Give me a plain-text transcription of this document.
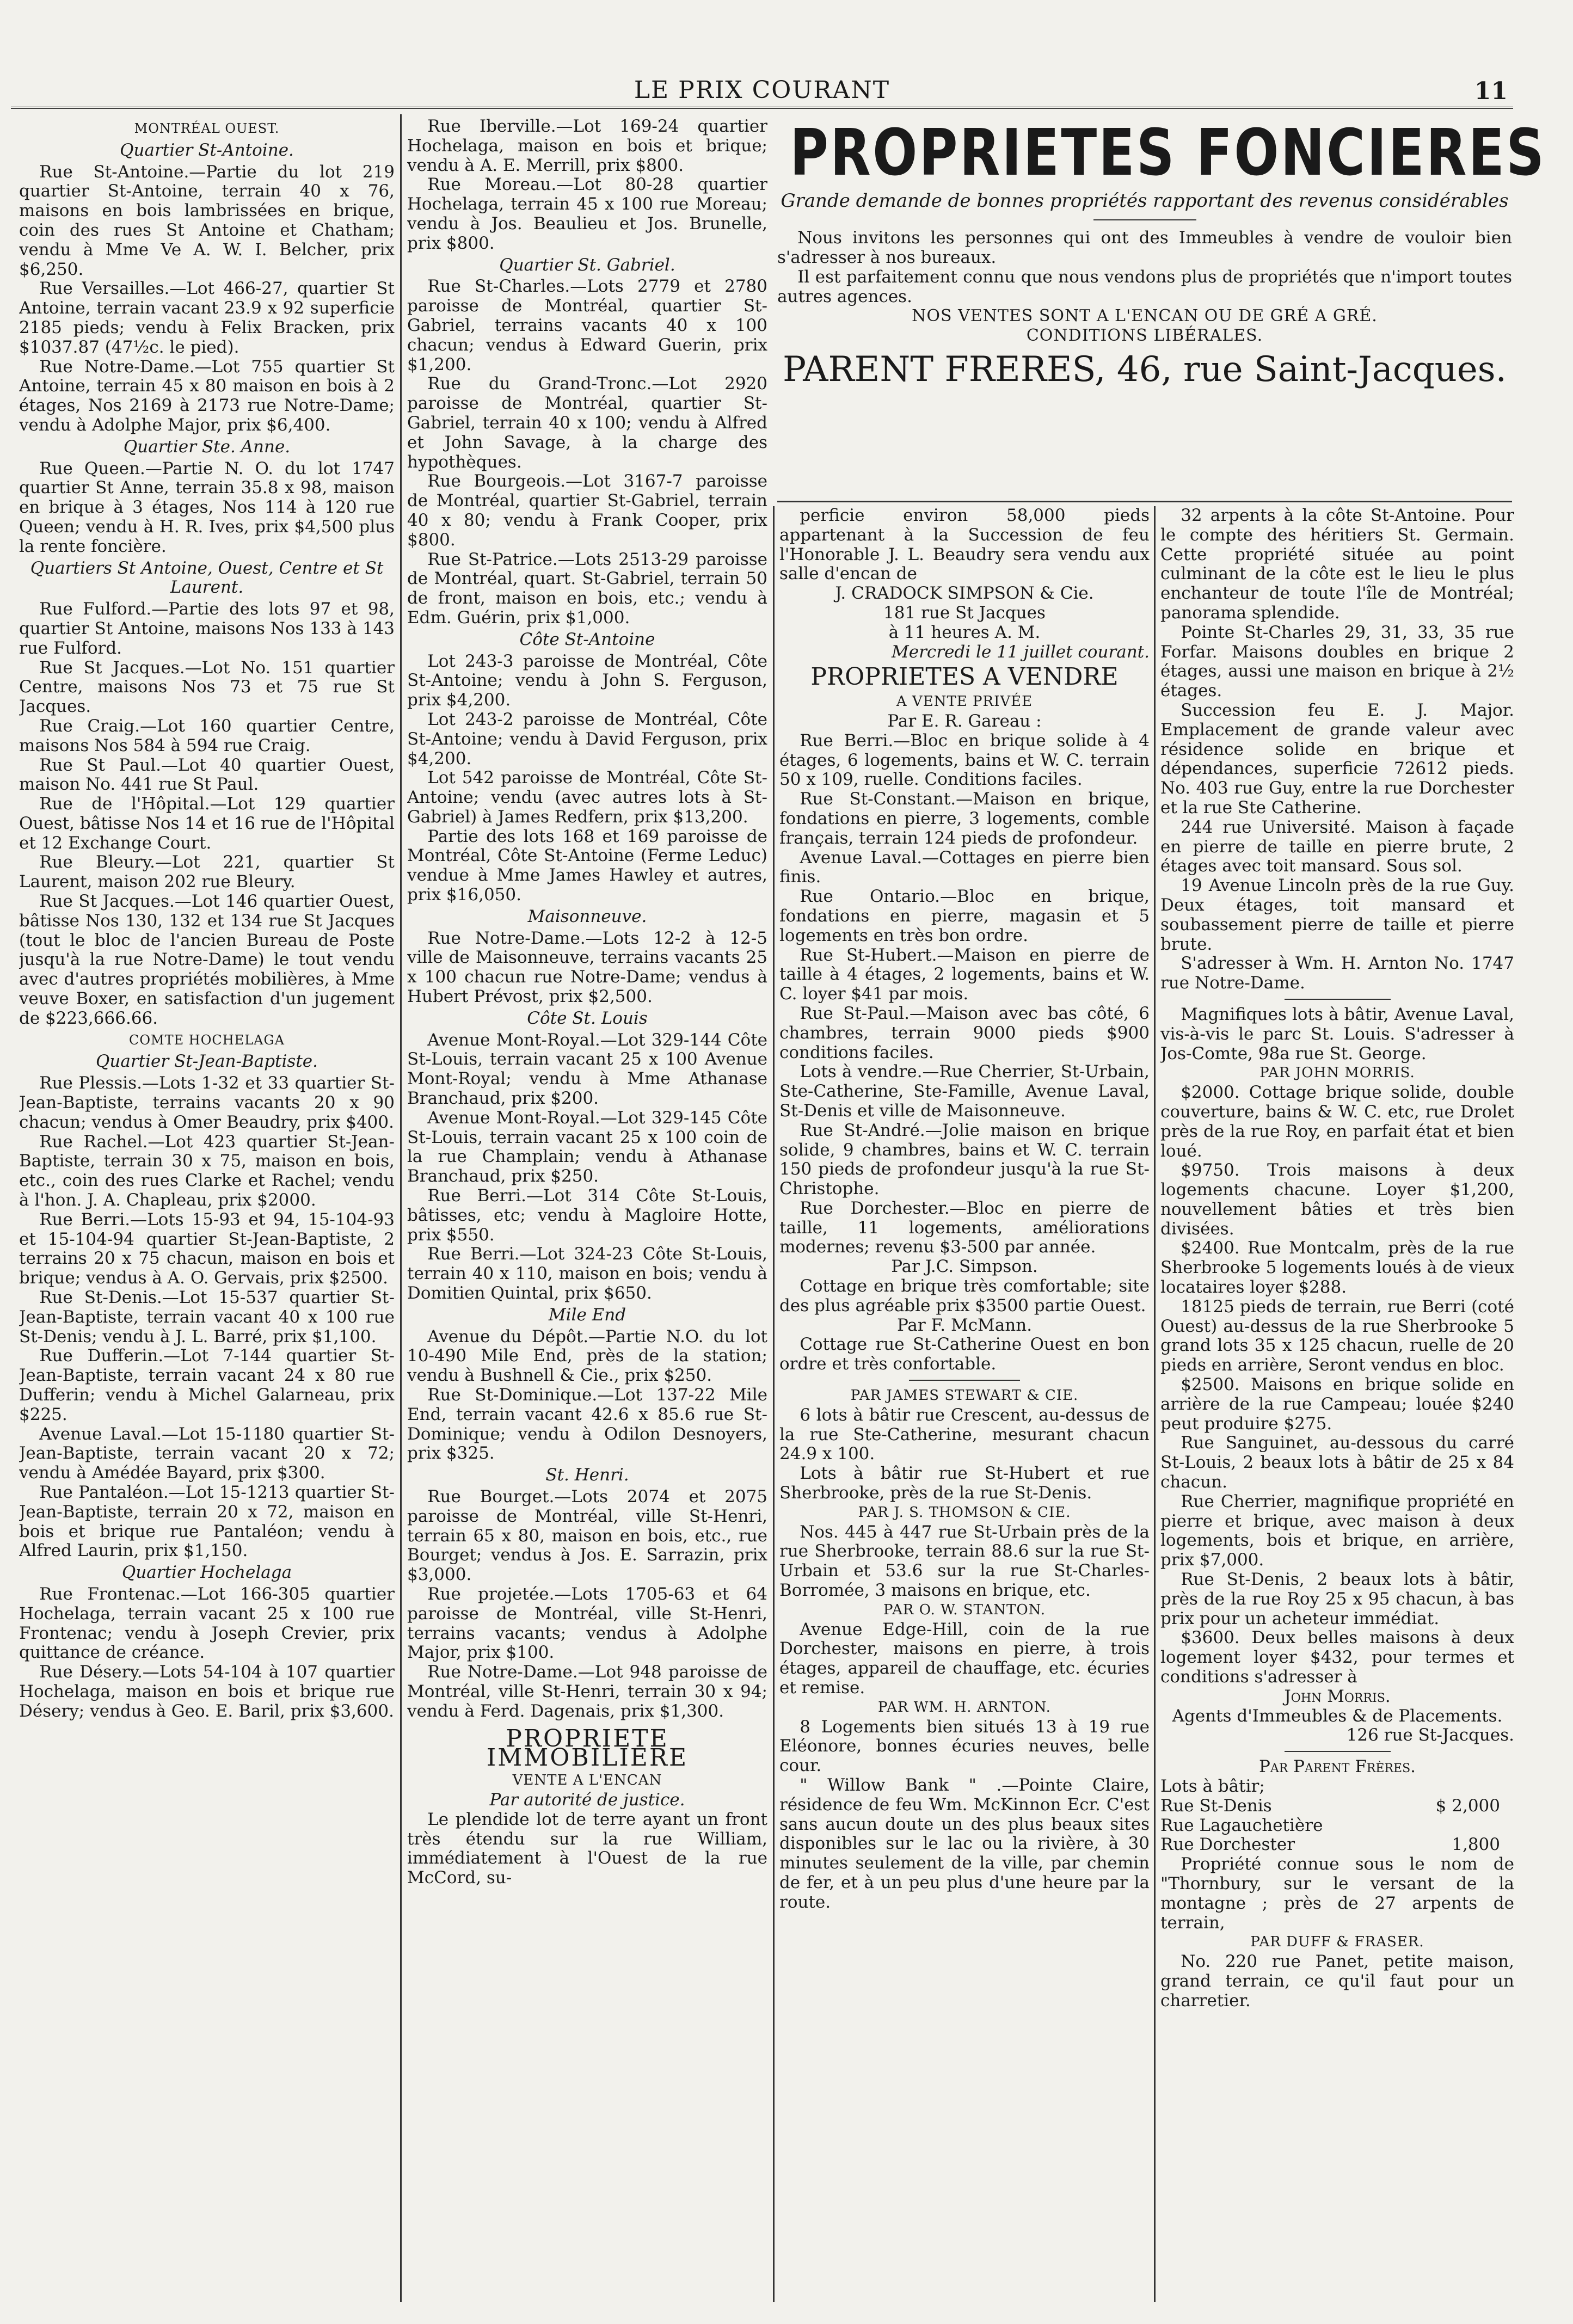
LE PRIX COURANT	11

MONTRÉAL OUEST.

Quartier St-Antoine.

Rue St-Antoine.—Partie du lot 219 quartier St-Antoine, terrain 40 x 76, maisons en bois lambrissées en brique, coin des rues St Antoine et Chatham; vendu à Mme Ve A. W. I. Belcher, prix $6,250.

Rue Versailles.—Lot 466-27, quartier St Antoine, terrain vacant 23.9 x 92 superficie 2185 pieds; vendu à Felix Bracken, prix $1037.87 (47½c. le pied).

Rue Notre-Dame.—Lot 755 quartier St Antoine, terrain 45 x 80 maison en bois à 2 étages, Nos 2169 à 2173 rue Notre-Dame; vendu à Adolphe Major, prix $6,400.

Quartier Ste. Anne.

Rue Queen.—Partie N. O. du lot 1747 quartier St Anne, terrain 35.8 x 98, maison en brique à 3 étages, Nos 114 à 120 rue Queen; vendu à H. R. Ives, prix $4,500 plus la rente foncière.

Quartiers St Antoine, Ouest, Centre et St Laurent.

Rue Fulford.—Partie des lots 97 et 98, quartier St Antoine, maisons Nos 133 à 143 rue Fulford.

Rue St Jacques.—Lot No. 151 quartier Centre, maisons Nos 73 et 75 rue St Jacques.

Rue Craig.—Lot 160 quartier Centre, maisons Nos 584 à 594 rue Craig.

Rue St Paul.—Lot 40 quartier Ouest, maison No. 441 rue St Paul.

Rue de l'Hôpital.—Lot 129 quartier Ouest, bâtisse Nos 14 et 16 rue de l'Hôpital et 12 Exchange Court.

Rue Bleury.—Lot 221, quartier St Laurent, maison 202 rue Bleury.

Rue St Jacques.—Lot 146 quartier Ouest, bâtisse Nos 130, 132 et 134 rue St Jacques (tout le bloc de l'ancien Bureau de Poste jusqu'à la rue Notre-Dame) le tout vendu avec d'autres propriétés mobilières, à Mme veuve Boxer, en satisfaction d'un jugement de $223,666.66.

COMTE HOCHELAGA

Quartier St-Jean-Baptiste.

Rue Plessis.—Lots 1-32 et 33 quartier St-Jean-Baptiste, terrains vacants 20 x 90 chacun; vendus à Omer Beaudry, prix $400.

Rue Rachel.—Lot 423 quartier St-Jean-Baptiste, terrain 30 x 75, maison en bois, etc., coin des rues Clarke et Rachel; vendu à l'hon. J. A. Chapleau, prix $2000.

Rue Berri.—Lots 15-93 et 94, 15-104-93 et 15-104-94 quartier St-Jean-Baptiste, 2 terrains 20 x 75 chacun, maison en bois et brique; vendus à A. O. Gervais, prix $2500.

Rue St-Denis.—Lot 15-537 quartier St-Jean-Baptiste, terrain vacant 40 x 100 rue St-Denis; vendu à J. L. Barré, prix $1,100.

Rue Dufferin.—Lot 7-144 quartier St-Jean-Baptiste, terrain vacant 24 x 80 rue Dufferin; vendu à Michel Galarneau, prix $225.

Avenue Laval.—Lot 15-1180 quartier St-Jean-Baptiste, terrain vacant 20 x 72; vendu à Amédée Bayard, prix $300.

Rue Pantaléon.—Lot 15-1213 quartier St-Jean-Baptiste, terrain 20 x 72, maison en bois et brique rue Pantaléon; vendu à Alfred Laurin, prix $1,150.

Quartier Hochelaga

Rue Frontenac.—Lot 166-305 quartier Hochelaga, terrain vacant 25 x 100 rue Frontenac; vendu à Joseph Crevier, prix quittance de créance.

Rue Désery.—Lots 54-104 à 107 quartier Hochelaga, maison en bois et brique rue Désery; vendus à Geo. E. Baril, prix $3,600.

Rue Iberville.—Lot 169-24 quartier Hochelaga, maison en bois et brique; vendu à A. E. Merrill, prix $800.

Rue Moreau.—Lot 80-28 quartier Hochelaga, terrain 45 x 100 rue Moreau; vendu à Jos. Beaulieu et Jos. Brunelle, prix $800.

Quartier St. Gabriel.

Rue St-Charles.—Lots 2779 et 2780 paroisse de Montréal, quartier St-Gabriel, terrains vacants 40 x 100 chacun; vendus à Edward Guerin, prix $1,200.

Rue du Grand-Tronc.—Lot 2920 paroisse de Montréal, quartier St-Gabriel, terrain 40 x 100; vendu à Alfred et John Savage, à la charge des hypothèques.

Rue Bourgeois.—Lot 3167-7 paroisse de Montréal, quartier St-Gabriel, terrain 40 x 80; vendu à Frank Cooper, prix $800.

Rue St-Patrice.—Lots 2513-29 paroisse de Montréal, quart. St-Gabriel, terrain 50 de front, maison en bois, etc.; vendu à Edm. Guérin, prix $1,000.

Côte St-Antoine

Lot 243-3 paroisse de Montréal, Côte St-Antoine; vendu à John S. Ferguson, prix $4,200.

Lot 243-2 paroisse de Montréal, Côte St-Antoine; vendu à David Ferguson, prix $4,200.

Lot 542 paroisse de Montréal, Côte St-Antoine; vendu (avec autres lots à St-Gabriel) à James Redfern, prix $13,200.

Partie des lots 168 et 169 paroisse de Montréal, Côte St-Antoine (Ferme Leduc) vendue à Mme James Hawley et autres, prix $16,050.

Maisonneuve.

Rue Notre-Dame.—Lots 12-2 à 12-5 ville de Maisonneuve, terrains vacants 25 x 100 chacun rue Notre-Dame; vendus à Hubert Prévost, prix $2,500.

Côte St. Louis

Avenue Mont-Royal.—Lot 329-144 Côte St-Louis, terrain vacant 25 x 100 Avenue Mont-Royal; vendu à Mme Athanase Branchaud, prix $200.

Avenue Mont-Royal.—Lot 329-145 Côte St-Louis, terrain vacant 25 x 100 coin de la rue Champlain; vendu à Athanase Branchaud, prix $250.

Rue Berri.—Lot 314 Côte St-Louis, bâtisses, etc; vendu à Magloire Hotte, prix $550.

Rue Berri.—Lot 324-23 Côte St-Louis, terrain 40 x 110, maison en bois; vendu à Domitien Quintal, prix $650.

Mile End

Avenue du Dépôt.—Partie N.O. du lot 10-490 Mile End, près de la station; vendu à Bushnell & Cie., prix $250.

Rue St-Dominique.—Lot 137-22 Mile End, terrain vacant 42.6 x 85.6 rue St-Dominique; vendu à Odilon Desnoyers, prix $325.

St. Henri.

Rue Bourget.—Lots 2074 et 2075 paroisse de Montréal, ville St-Henri, terrain 65 x 80, maison en bois, etc., rue Bourget; vendus à Jos. E. Sarrazin, prix $3,000.

Rue projetée.—Lots 1705-63 et 64 paroisse de Montréal, ville St-Henri, terrains vacants; vendus à Adolphe Major, prix $100.

Rue Notre-Dame.—Lot 948 paroisse de Montréal, ville St-Henri, terrain 30 x 94; vendu à Ferd. Dagenais, prix $1,300.

PROPRIETE IMMOBILIERE

VENTE A L'ENCAN

Par autorité de justice.

Le plendide lot de terre ayant un front très étendu sur la rue William, immédiatement à l'Ouest de la rue McCord, su-

PROPRIETES FONCIERES
Grande demande de bonnes propriétés rapportant des revenus considérables

Nous invitons les personnes qui ont des Immeubles à vendre de vouloir bien s'adresser à nos bureaux.

Il est parfaitement connu que nous vendons plus de propriétés que n'import toutes autres agences.

NOS VENTES SONT A L'ENCAN OU DE GRÉ A GRÉ.

CONDITIONS LIBÉRALES.

PARENT FRERES, 46, rue Saint-Jacques.

perficie environ 58,000 pieds appartenant à la Succession de feu l'Honorable J. L. Beaudry sera vendu aux salle d'encan de

J. CRADOCK SIMPSON & Cie.

181 rue St Jacques

à 11 heures A. M.

Mercredi le 11 juillet courant.

PROPRIETES A VENDRE

A VENTE PRIVÉE

Par E. R. Gareau :

Rue Berri.—Bloc en brique solide à 4 étages, 6 logements, bains et W. C. terrain 50 x 109, ruelle. Conditions faciles.

Rue St-Constant.—Maison en brique, fondations en pierre, 3 logements, comble français, terrain 124 pieds de profondeur.

Avenue Laval.—Cottages en pierre bien finis.

Rue Ontario.—Bloc en brique, fondations en pierre, magasin et 5 logements en très bon ordre.

Rue St-Hubert.—Maison en pierre de taille à 4 étages, 2 logements, bains et W. C. loyer $41 par mois.

Rue St-Paul.—Maison avec bas côté, 6 chambres, terrain 9000 pieds $900 conditions faciles.

Lots à vendre.—Rue Cherrier, St-Urbain, Ste-Catherine, Ste-Famille, Avenue Laval, St-Denis et ville de Maisonneuve.

Rue St-André.—Jolie maison en brique solide, 9 chambres, bains et W. C. terrain 150 pieds de profondeur jusqu'à la rue St-Christophe.

Rue Dorchester.—Bloc en pierre de taille, 11 logements, améliorations modernes; revenu $3-500 par année.

Par J.C. Simpson.

Cottage en brique très comfortable; site des plus agréable prix $3500 partie Ouest.

Par F. McMann.

Cottage rue St-Catherine Ouest en bon ordre et très confortable.

PAR JAMES STEWART & CIE.

6 lots à bâtir rue Crescent, au-dessus de la rue Ste-Catherine, mesurant chacun 24.9 x 100.

Lots à bâtir rue St-Hubert et rue Sherbrooke, près de la rue St-Denis.

PAR J. S. THOMSON & CIE.

Nos. 445 à 447 rue St-Urbain près de la rue Sherbrooke, terrain 88.6 sur la rue St-Urbain et 53.6 sur la rue St-Charles-Borromée, 3 maisons en brique, etc.

PAR O. W. STANTON.

Avenue Edge-Hill, coin de la rue Dorchester, maisons en pierre, à trois étages, appareil de chauffage, etc. écuries et remise.

PAR WM. H. ARNTON.

8 Logements bien situés 13 à 19 rue Eléonore, bonnes écuries neuves, belle cour.

" Willow Bank " .—Pointe Claire, résidence de feu Wm. McKinnon Ecr. C'est sans aucun doute un des plus beaux sites disponibles sur le lac ou la rivière, à 30 minutes seulement de la ville, par chemin de fer, et à un peu plus d'une heure par la route.

32 arpents à la côte St-Antoine. Pour le compte des héritiers St. Germain. Cette propriété située au point culminant de la côte est le lieu le plus enchanteur de toute l'île de Montréal; panorama splendide.

Pointe St-Charles 29, 31, 33, 35 rue Forfar. Maisons doubles en brique 2 étages, aussi une maison en brique à 2½ étages.

Succession feu E. J. Major. Emplacement de grande valeur avec résidence solide en brique et dépendances, superficie 72612 pieds. No. 403 rue Guy, entre la rue Dorchester et la rue Ste Catherine.

244 rue Université. Maison à façade en pierre de taille en pierre brute, 2 étages avec toit mansard. Sous sol.

19 Avenue Lincoln près de la rue Guy. Deux étages, toit mansard et soubassement pierre de taille et pierre brute.

S'adresser à Wm. H. Arnton No. 1747 rue Notre-Dame.

Magnifiques lots à bâtir, Avenue Laval, vis-à-vis le parc St. Louis. S'adresser à Jos-Comte, 98a rue St. George.

PAR JOHN MORRIS.

$2000. Cottage brique solide, double couverture, bains & W. C. etc, rue Drolet près de la rue Roy, en parfait état et bien loué.

$9750. Trois maisons à deux logements chacune. Loyer $1,200, nouvellement bâties et très bien divisées.

$2400. Rue Montcalm, près de la rue Sherbrooke 5 logements loués à de vieux locataires loyer $288.

18125 pieds de terrain, rue Berri (coté Ouest) au-dessus de la rue Sherbrooke 5 grand lots 35 x 125 chacun, ruelle de 20 pieds en arrière, Seront vendus en bloc.

$2500. Maisons en brique solide en arrière de la rue Campeau; louée $240 peut produire $275.

Rue Sanguinet, au-dessous du carré St-Louis, 2 beaux lots à bâtir de 25 x 84 chacun.

Rue Cherrier, magnifique propriété en pierre et brique, avec maison à deux logements, bois et brique, en arrière, prix $7,000.

Rue St-Denis, 2 beaux lots à bâtir, près de la rue Roy 25 x 95 chacun, à bas prix pour un acheteur immédiat.

$3600. Deux belles maisons à deux logement loyer $432, pour termes et conditions s'adresser à

John Morris.

Agents d'Immeubles & de Placements.

126 rue St-Jacques.

Par Parent Frères.

Lots à bâtir;

Rue St-Denis	$ 2,000
Rue Lagauchetière	
Rue Dorchester	1,800

Propriété connue sous le nom de "Thornbury, sur le versant de la montagne ; près de 27 arpents de terrain,

PAR DUFF & FRASER.

No. 220 rue Panet, petite maison, grand terrain, ce qu'il faut pour un charretier.
